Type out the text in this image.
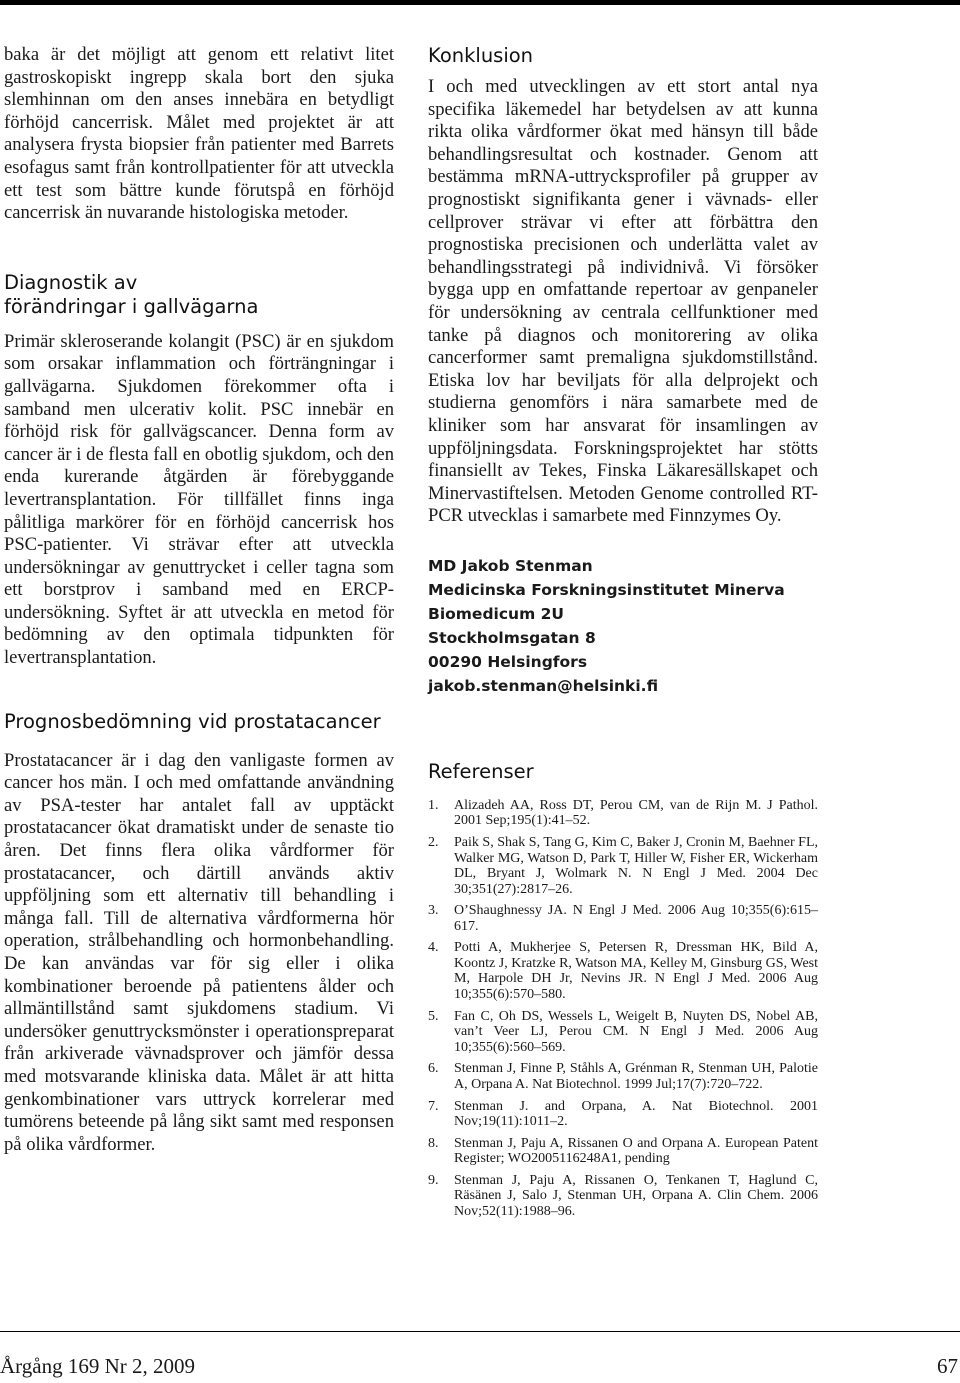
baka är det möjligt att genom ett relativt litet gastroskopiskt ingrepp skala bort den sjuka slemhinnan om den anses innebära en betydligt förhöjd cancerrisk. Målet med projektet är att analysera frysta biopsier från patienter med Barrets esofagus samt från kontrollpatienter för att utveckla ett test som bättre kunde förutspå en förhöjd cancerrisk än nuvarande histologiska metoder.

Diagnostik av
förändringar i gallvägarna

Primär skleroserande kolangit (PSC) är en sjukdom som orsakar inflammation och förträngningar i gallvägarna. Sjukdomen förekommer ofta i samband men ulcerativ kolit. PSC innebär en förhöjd risk för gallvägscancer. Denna form av cancer är i de flesta fall en obotlig sjukdom, och den enda kurerande åtgärden är förebyggande levertransplantation. För tillfället finns inga pålitliga markörer för en förhöjd cancerrisk hos PSC-patienter. Vi strävar efter att utveckla undersökningar av genuttrycket i celler tagna som ett borstprov i samband med en ERCP-undersökning. Syftet är att utveckla en metod för bedömning av den optimala tidpunkten för levertransplantation.

Prognosbedömning vid prostatacancer

Prostatacancer är i dag den vanligaste formen av cancer hos män. I och med omfattande användning av PSA-tester har antalet fall av upptäckt prostatacancer ökat dramatiskt under de senaste tio åren. Det finns flera olika vårdformer för prostatacancer, och därtill används aktiv uppföljning som ett alternativ till behandling i många fall. Till de alternativa vårdformerna hör operation, strålbehandling och hormonbehandling. De kan användas var för sig eller i olika kombinationer beroende på patientens ålder och allmäntillstånd samt sjukdomens stadium. Vi undersöker genuttrycksmönster i operationspreparat från arkiverade vävnadsprover och jämför dessa med motsvarande kliniska data. Målet är att hitta genkombinationer vars uttryck korrelerar med tumörens beteende på lång sikt samt med responsen på olika vårdformer.

Konklusion

I och med utvecklingen av ett stort antal nya specifika läkemedel har betydelsen av att kunna rikta olika vårdformer ökat med hänsyn till både behandlingsresultat och kostnader. Genom att bestämma mRNA-uttrycksprofiler på grupper av prognostiskt signifikanta gener i vävnads- eller cellprover strävar vi efter att förbättra den prognostiska precisionen och underlätta valet av behandlingsstrategi på individnivå. Vi försöker bygga upp en omfattande repertoar av genpaneler för undersökning av centrala cellfunktioner med tanke på diagnos och monitorering av olika cancerformer samt premaligna sjukdomstillstånd. Etiska lov har beviljats för alla delprojekt och studierna genomförs i nära samarbete med de kliniker som har ansvarat för insamlingen av uppföljningsdata. Forskningsprojektet har stötts finansiellt av Tekes, Finska Läkaresällskapet och Minervastiftelsen. Metoden Genome controlled RT-PCR utvecklas i samarbete med Finnzymes Oy.

MD Jakob Stenman
Medicinska Forskningsinstitutet Minerva
Biomedicum 2U
Stockholmsgatan 8
00290 Helsingfors
jakob.stenman@helsinki.fi
Referenser
1. Alizadeh AA, Ross DT, Perou CM, van de Rijn M. J Pathol. 2001 Sep;195(1):41–52.
2. Paik S, Shak S, Tang G, Kim C, Baker J, Cronin M, Baehner FL, Walker MG, Watson D, Park T, Hiller W, Fisher ER, Wickerham DL, Bryant J, Wolmark N. N Engl J Med. 2004 Dec 30;351(27):2817–26.
3. O’Shaughnessy JA. N Engl J Med. 2006 Aug 10;355(6):615–617.
4. Potti A, Mukherjee S, Petersen R, Dressman HK, Bild A, Koontz J, Kratzke R, Watson MA, Kelley M, Ginsburg GS, West M, Harpole DH Jr, Nevins JR. N Engl J Med. 2006 Aug 10;355(6):570–580.
5. Fan C, Oh DS, Wessels L, Weigelt B, Nuyten DS, Nobel AB, van’t Veer LJ, Perou CM. N Engl J Med. 2006 Aug 10;355(6):560–569.
6. Stenman J, Finne P, Ståhls A, Grénman R, Stenman UH, Palotie A, Orpana A. Nat Biotechnol. 1999 Jul;17(7):720–722.
7. Stenman J. and Orpana, A. Nat Biotechnol. 2001 Nov;19(11):1011–2.
8. Stenman J, Paju A, Rissanen O and Orpana A. European Patent Register; WO2005116248A1, pending
9. Stenman J, Paju A, Rissanen O, Tenkanen T, Haglund C, Räsänen J, Salo J, Stenman UH, Orpana A. Clin Chem. 2006 Nov;52(11):1988–96.
Årgång 169 Nr 2, 2009	67
